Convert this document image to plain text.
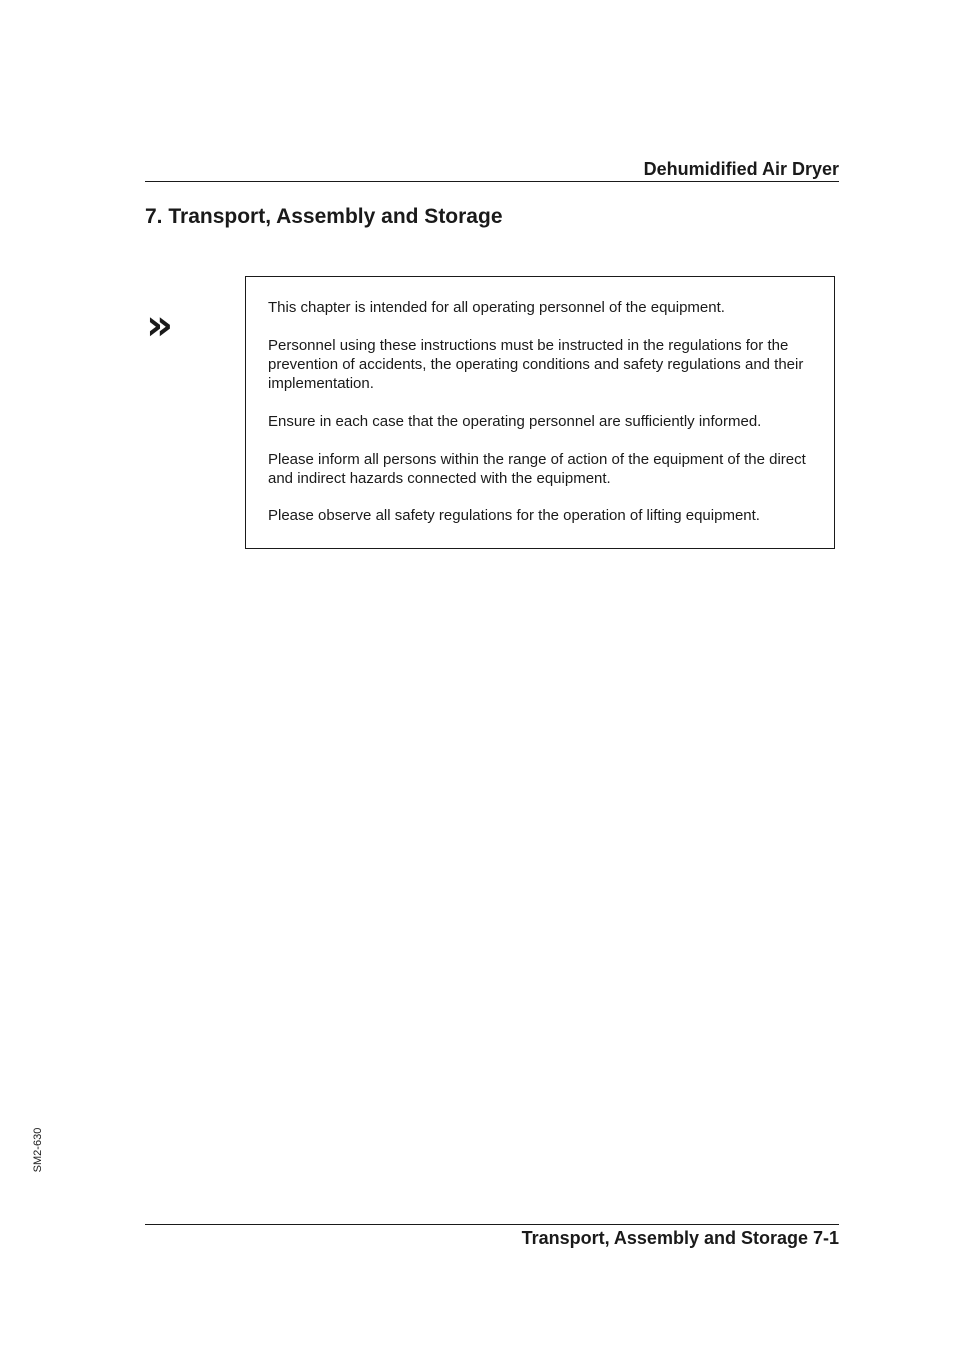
Dehumidified Air Dryer
7. Transport, Assembly and Storage
»	This chapter is intended for all operating personnel of the equipment.

Personnel using these instructions must be instructed in the regulations for the prevention of accidents, the operating conditions and safety regulations and their implementation.

Ensure in each case that the operating personnel are sufficiently informed.

Please inform all persons within the range of action of the equipment of the direct and indirect hazards connected with the equipment.

Please observe all safety regulations for the operation of lifting equipment.

SM2-630
Transport, Assembly and Storage 7-1
